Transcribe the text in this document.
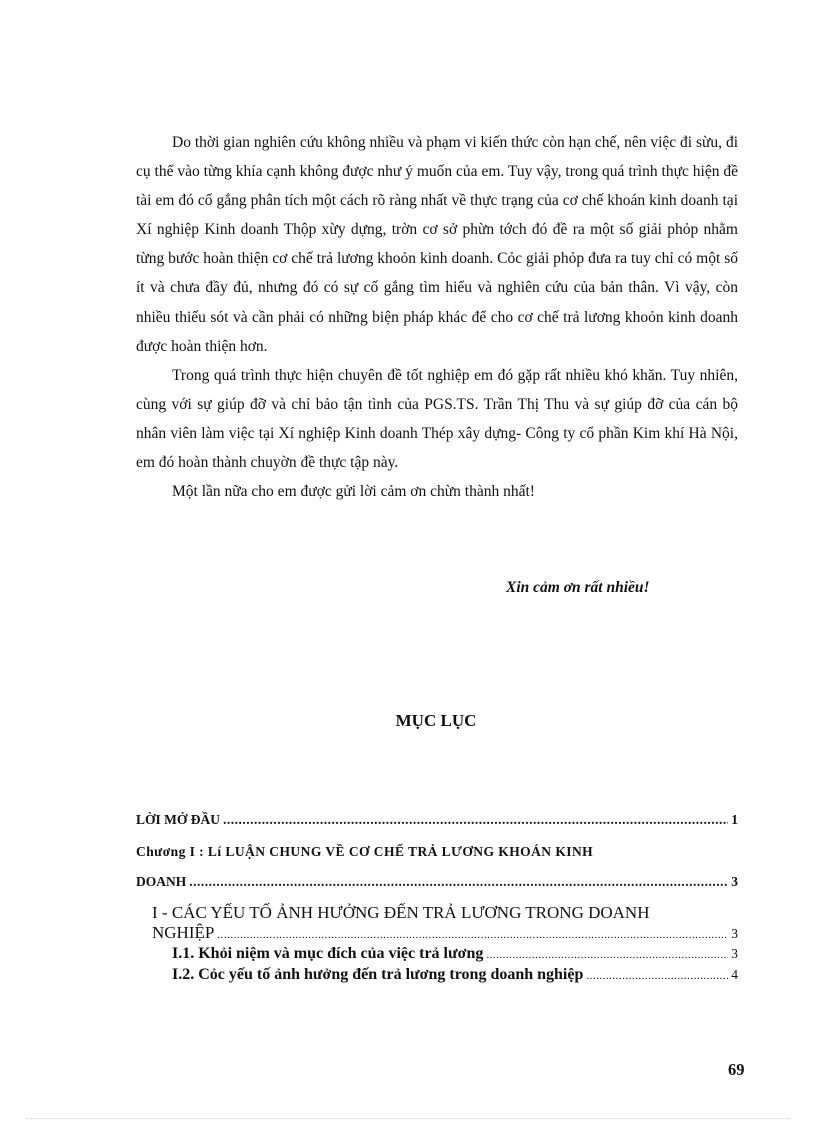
Do thời gian nghiên cứu không nhiều và phạm vi kiến thức còn hạn chế, nên việc đi sừu, đi cụ thể vào từng khía cạnh không được như ý muốn của em. Tuy vậy, trong quá trình thực hiện đề tài em đó cố gắng phân tích một cách rõ ràng nhất về thực trạng của cơ chế khoán kinh doanh tại Xí nghiệp Kinh doanh Thộp xừy dựng, trờn cơ sở phừn tớch đó đề ra một số giải phỏp nhằm từng bước hoàn thiện cơ chế trả lương khoỏn kinh doanh. Cỏc giải phỏp đưa ra tuy chỉ có một số ít và chưa đầy đủ, nhưng đó có sự cố gắng tìm hiểu và nghiên cứu của bản thân. Vì vậy, còn nhiều thiếu sót và cần phải có những biện pháp khác để cho cơ chế trả lương khoỏn kinh doanh được hoàn thiện hơn.

Trong quá trình thực hiện chuyên đề tốt nghiệp em đó gặp rất nhiều khó khăn. Tuy nhiên, cùng với sự giúp đỡ và chỉ bảo tận tình của PGS.TS. Trần Thị Thu và sự giúp đỡ của cán bộ nhân viên làm việc tại Xí nghiệp Kinh doanh Thép xây dựng- Công ty cổ phần Kim khí Hà Nội, em đó hoàn thành chuyờn đề thực tập này.

Một lần nữa cho em được gửi lời cảm ơn chừn thành nhất!

Xin cảm ơn rất nhiều!
MỤC LỤC
LỜI MỞ ĐẦU .....	1
Chương I : Lí LUẬN CHUNG VỀ CƠ CHẾ TRẢ LƯƠNG KHOÁN KINH
DOANH .....	3
I - CÁC YẾU TỐ ẢNH HƯỞNG ĐẾN TRẢ LƯƠNG TRONG DOANH
NGHIỆP .....	3
I.1. Khỏi niệm và mục đích của việc trả lương .....	3
I.2. Cỏc yếu tố ảnh hưởng đến trả lương trong doanh nghiệp .....	4
69
